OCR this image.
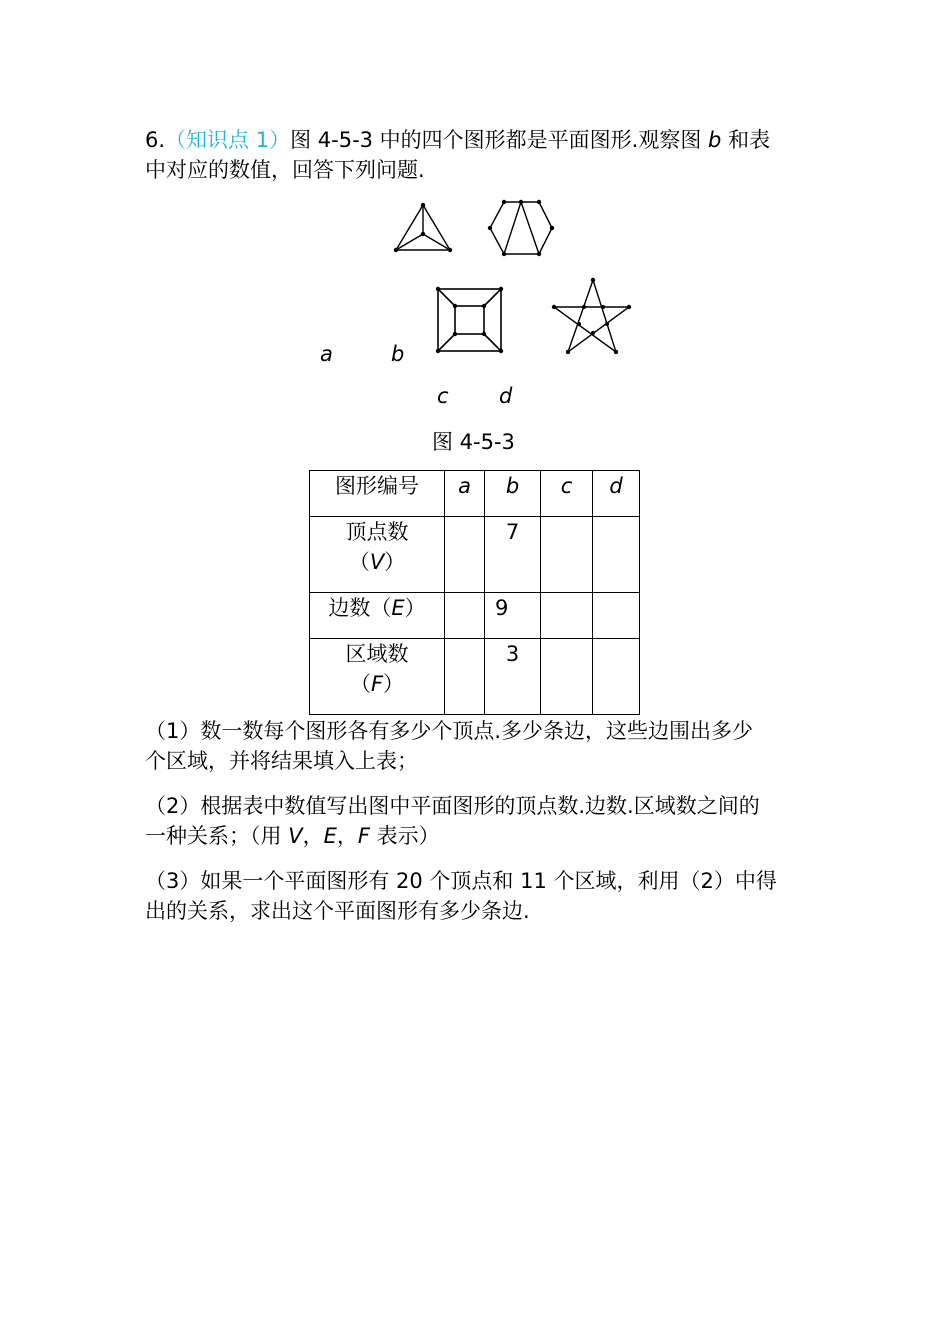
6.（知识点 1）图 4-5-3 中的四个图形都是平面图形.观察图 b 和表
中对应的数值，回答下列问题.
a	b
c d
图 4-5-3
图形编号	a	b	c	d

顶点数
（V）		7		
边数（E）		9		

区域数
（F）		3		
（1）数一数每个图形各有多少个顶点.多少条边，这些边围出多少
个区域，并将结果填入上表；
（2）根据表中数值写出图中平面图形的顶点数.边数.区域数之间的
一种关系；（用 V，E，F 表示）
（3）如果一个平面图形有 20 个顶点和 11 个区域，利用（2）中得
出的关系，求出这个平面图形有多少条边.
